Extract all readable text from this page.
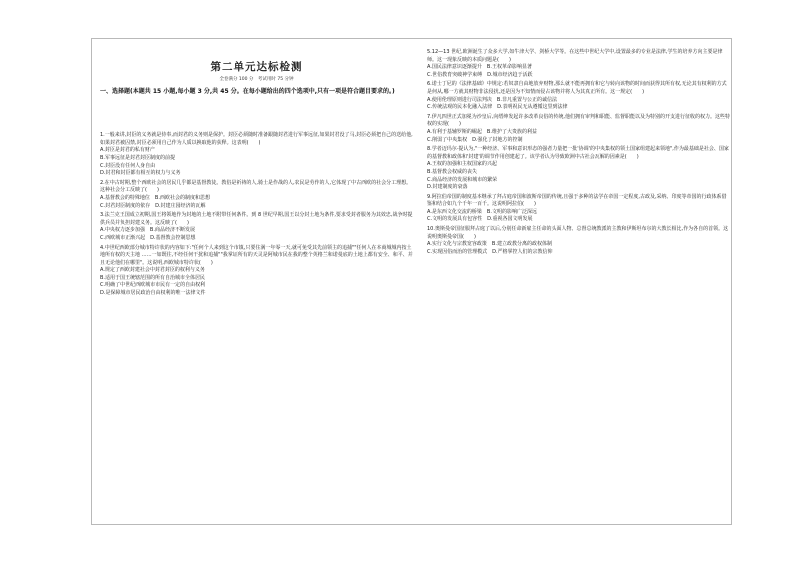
第二单元达标检测
全卷满分 100 分　考试用时 75 分钟
一、选择题(本题共 15 小题,每小题 3 分,共 45 分。在每小题给出的四个选项中,只有一项是符合题目要求的。)

1.一般来讲,封臣的义务就是侍奉,而封君的义务则是保护。封臣必须随时准备跟随封君进行军事远征,如果封君没了马,封臣必须把自己的送给他,如果封君被囚禁,封臣必须用自己作为人质以换取他的获释。这表明(　　)

A.封臣是封君的私有财产

B.军事远征是封君封臣制度的前提

C.封臣没有任何人身自由

D.封君和封臣都有相互的权力与义务

2.在中古时期,整个西欧社会的居民几乎都是基督教徒。教俗是祈祷的人,骑士是作战的人,农民是劳作的人,它体现了中古西欧的社会分工理想。这种社会分工反映了(　　)

A.基督教会的特殊地位　B.西欧社会的制度和思想

C.封君封臣制度的依存　D.封建庄园经济的瓦解

3.法兰克王国成立初期,国王将领地作为封地的土地不附带任何条件。到 8 世纪早期,国王以分封土地为条件,要求受封者服务为其效忠,战争时提供兵员并负担封建义务。这反映了(　　)

A.中央权力逐步加强　B.商品经济不断发展

C.西欧城市正渐兴起　D.基督教会控制思想

4.中世纪西欧部分城市特许状的内容如下:"任何个人来到这个市镇,只要住满一年零一天,就可免受其先前领主的追捕""任何人在本商城城内按土地所有权的天主地 ……一如既往,不经任何干扰和追捕""我掌证所有的天灵是阿城市民在我的整个英格兰和诺曼底的土地上都有安全、和平、并且无论他们在哪里"。这说明,西欧城市特许状(　　)

A.规定了西欧封建社会中封君封臣的权利与义务

B.适用于国王统辖范围的所有自治城市全体居民

C.明确了中世纪西欧城市市民有一定的自由权利

D.是保障城市居民政治自由权利的唯一法律文件

5.12—13 世纪,欧洲诞生了众多大学,如牛津大学、剑桥大学等。在这些中世纪大学中,设置最多的专业是法律,学生的培养方向主要是律师。这一现象反映的本质问题是(　　)

A.国民法律意识逐渐提升　B.王权革命影响显著

C.世俗教育突破神学束缚　D.城市经济趋于活跃

6.诺士丁尼的《法律基础》中规定:若奴隶自由地放弃财物,那么就不能再拥有和它与转向该物的时间而获得其所有权,无论其有权利的方式是何从,哪一方就其财物非法侵扰,还是因为不知情而侵占该物并将人为其真正所有。这一规定(　　)

A.使用伦理原则进行司法判决　B.非凡重置与公正的诚信法

C.传统法观的民本化融入法律　D.表明祝民无从遵循这里到法律

7.伊凡四世正式加冕为沙皇后,向缙绅发起许多改革良俗的传统,他们拥有审判和职能、监督职能以及为特别的开支进行征收的权力。这些特权的实现(　　)

A.有利于基辅罗斯的崛起　B.维护了大贵族的利益

C.削弱了中央集权　D.强化了封地方的控制

8.学者迈玛尔·提认为,"一种经济、军事和意识形态的强者力量把一批'协调'的中央集权的领土国家组建起来领地",作为最基础是社会、国家的基督教和政体和'封建'的调节作用创建起了。该学者认为导致欧洲中古社会瓦解的因素是(　　)

A.王权的加强和主权国家的兴起

B.基督教会权威的丧失

C.商品经济的发展和城市的繁荣

D.封建制度的衰落

9.阿拉伯帝国的制度基本继承了拜占庭帝国和波斯帝国的传统,且强于多种的法学在帝国一定程度,古政及,采纳、印度等帝国的行政体系借鉴和结合如九个千年一百千。这说明阿拉伯(　　)

A.是东西文化交流的桥梁　B.文明的影响广泛深远

C.文明的发展具有包容性　D.重视各国文明发展

10.奥斯曼帝国征服拜占庭了以后,分别任命新雇主任命的头面人物、总督总统教派的主教和伊斯坦布尔的大教长相比,作为各自的首领。这说明奥斯曼帝国(　　)

A.实行文化与宗教宽容政策　B.建立政教分离的政权体制

C.实现因俗而治的管理模式　D.严格掌控人们的宗教信仰
